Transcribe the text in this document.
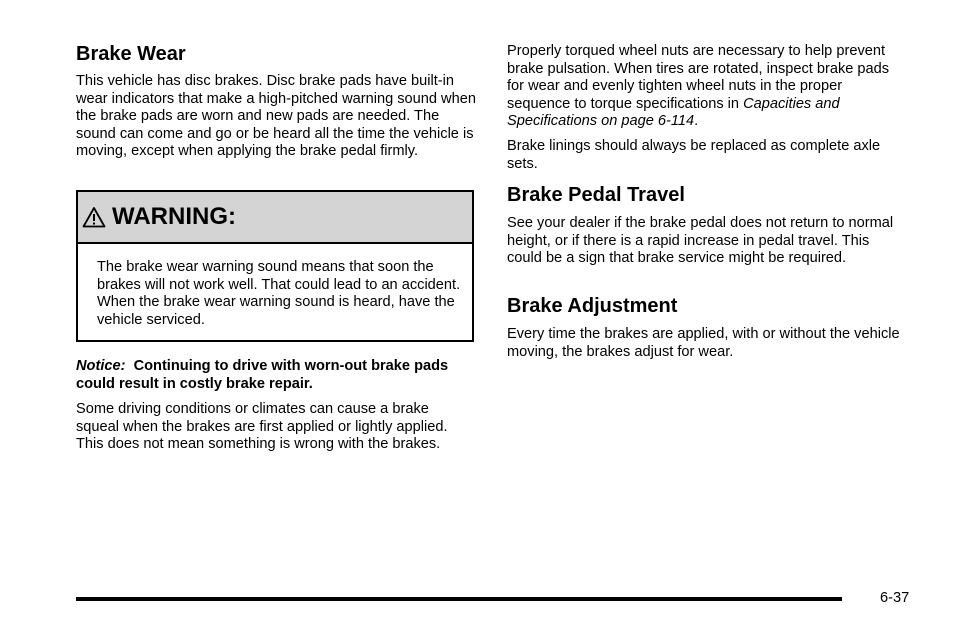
Brake Wear

This vehicle has disc brakes. Disc brake pads have built-in wear indicators that make a high-pitched warning sound when the brake pads are worn and new pads are needed. The sound can come and go or be heard all the time the vehicle is moving, except when applying the brake pedal firmly.

WARNING:

The brake wear warning sound means that soon the brakes will not work well. That could lead to an accident. When the brake wear warning sound is heard, have the vehicle serviced.

Notice: Continuing to drive with worn-out brake pads could result in costly brake repair.

Some driving conditions or climates can cause a brake squeal when the brakes are first applied or lightly applied. This does not mean something is wrong with the brakes.

Properly torqued wheel nuts are necessary to help prevent brake pulsation. When tires are rotated, inspect brake pads for wear and evenly tighten wheel nuts in the proper sequence to torque specifications in Capacities and Specifications on page 6-114.

Brake linings should always be replaced as complete axle sets.

Brake Pedal Travel

See your dealer if the brake pedal does not return to normal height, or if there is a rapid increase in pedal travel. This could be a sign that brake service might be required.

Brake Adjustment

Every time the brakes are applied, with or without the vehicle moving, the brakes adjust for wear.

6-37
